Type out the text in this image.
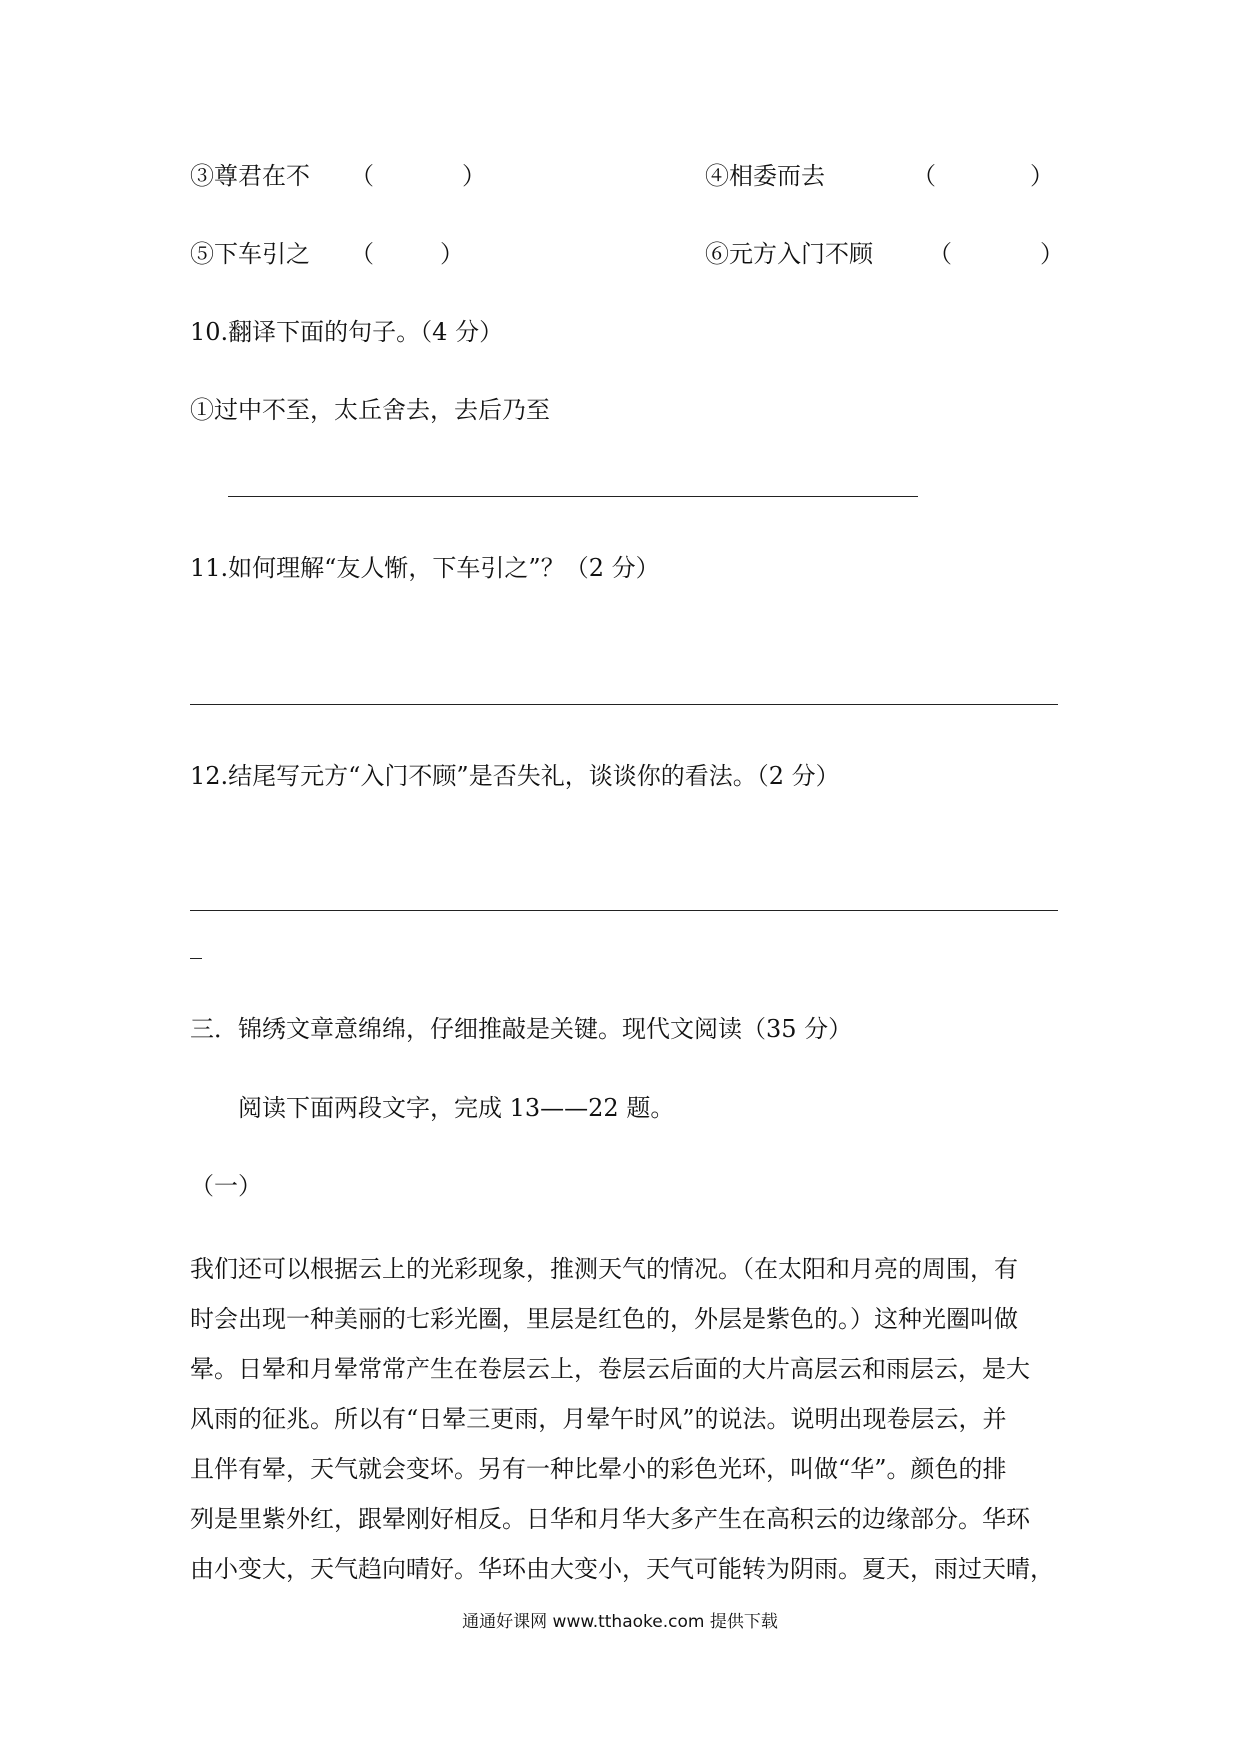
③尊君在不 （	）	④相委而去	（	）
⑤下车引之 （	）	⑥元方入门不顾 （	）
10.翻译下面的句子。（4 分）
①过中不至，太丘舍去，去后乃至
11.如何理解“友人惭，下车引之”？（2 分）
12.结尾写元方“入门不顾”是否失礼，谈谈你的看法。（2 分）
三．锦绣文章意绵绵，仔细推敲是关键。现代文阅读（35 分）
阅读下面两段文字，完成 13——22 题。
（一）
我们还可以根据云上的光彩现象，推测天气的情况。（在太阳和月亮的周围，有
时会出现一种美丽的七彩光圈，里层是红色的，外层是紫色的。）这种光圈叫做
晕。日晕和月晕常常产生在卷层云上，卷层云后面的大片高层云和雨层云，是大
风雨的征兆。所以有“日晕三更雨，月晕午时风”的说法。说明出现卷层云，并
且伴有晕，天气就会变坏。另有一种比晕小的彩色光环，叫做“华”。颜色的排
列是里紫外红，跟晕刚好相反。日华和月华大多产生在高积云的边缘部分。华环
由小变大，天气趋向晴好。华环由大变小，天气可能转为阴雨。夏天，雨过天晴，
通通好课网 www.tthaoke.com 提供下载
